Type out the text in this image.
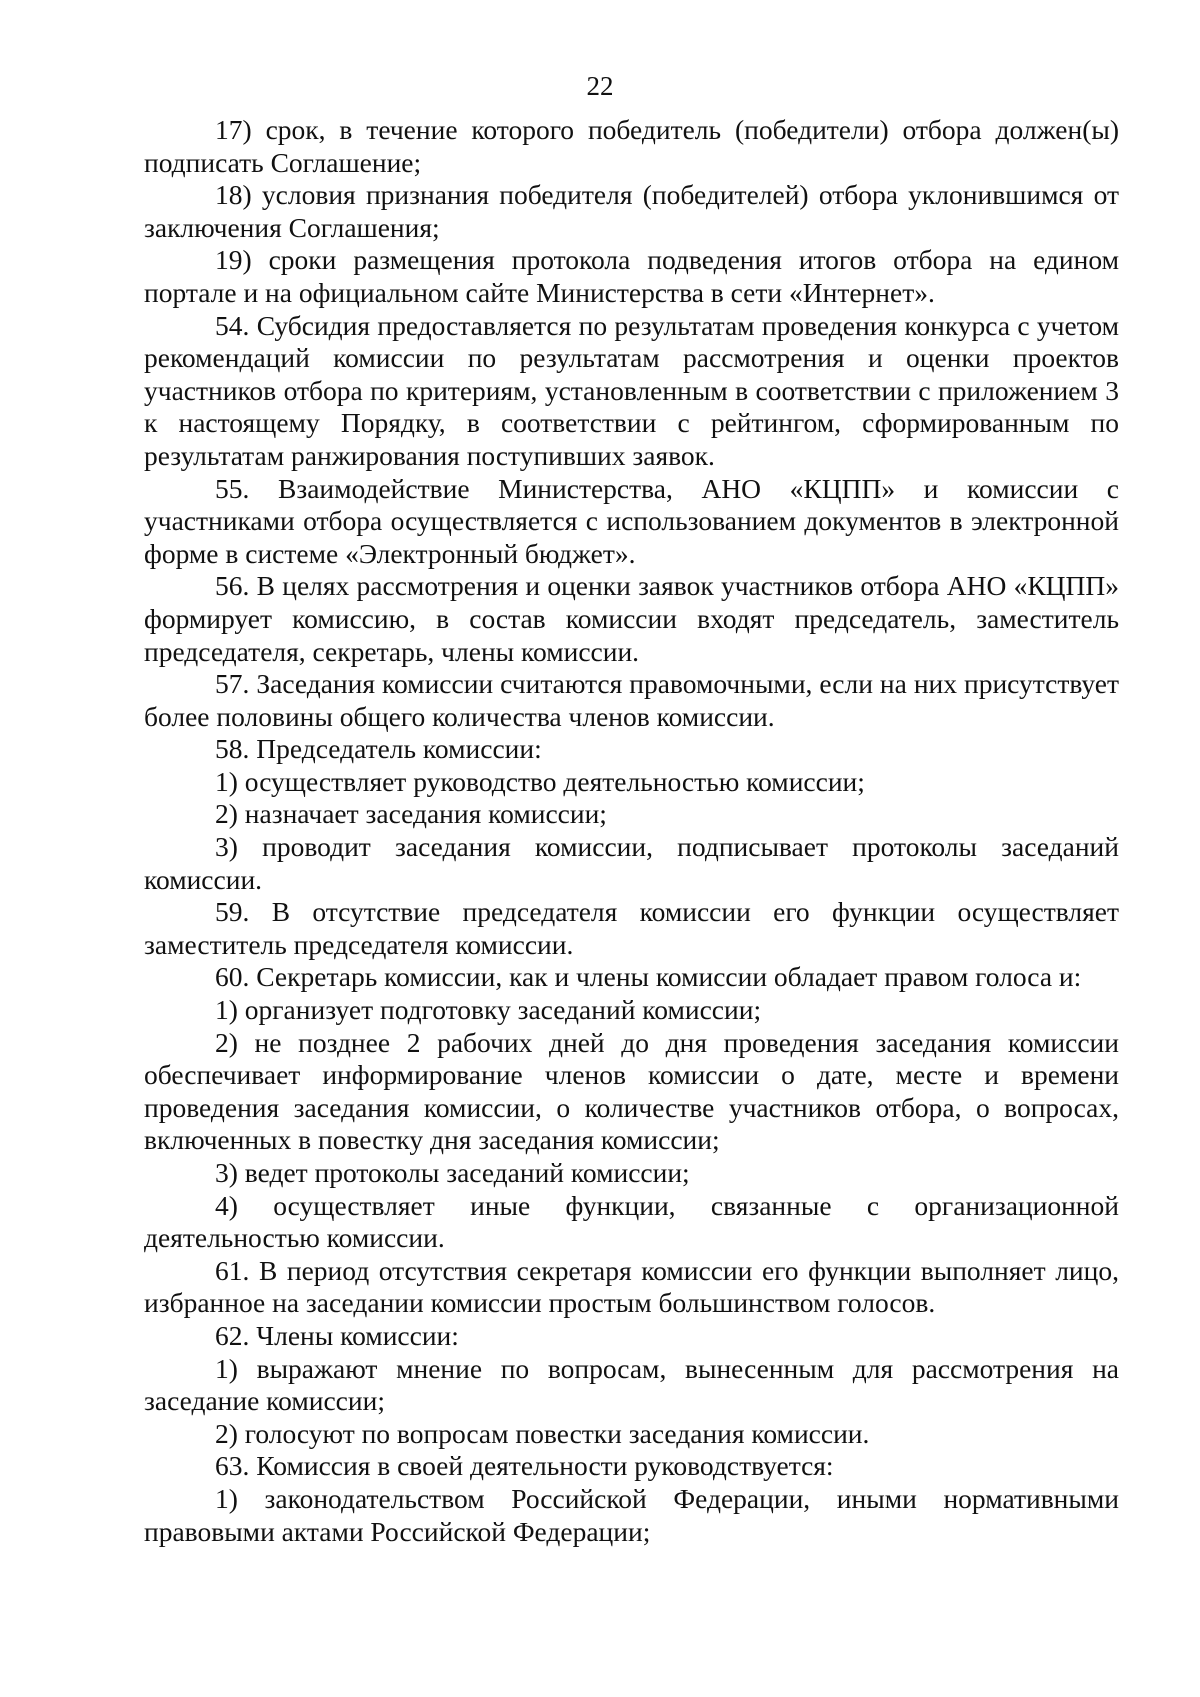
22

17) срок, в течение которого победитель (победители) отбора должен(ы) подписать Соглашение;

18) условия признания победителя (победителей) отбора уклонившимся от заключения Соглашения;

19) сроки размещения протокола подведения итогов отбора на едином портале и на официальном сайте Министерства в сети «Интернет».

54. Субсидия предоставляется по результатам проведения конкурса с учетом рекомендаций комиссии по результатам рассмотрения и оценки проектов участников отбора по критериям, установленным в соответствии с приложением 3 к настоящему Порядку, в соответствии с рейтингом, сформированным по результатам ранжирования поступивших заявок.

55. Взаимодействие Министерства, АНО «КЦПП» и комиссии с участниками отбора осуществляется с использованием документов в электронной форме в системе «Электронный бюджет».

56. В целях рассмотрения и оценки заявок участников отбора АНО «КЦПП» формирует комиссию, в состав комиссии входят председатель, заместитель председателя, секретарь, члены комиссии.

57. Заседания комиссии считаются правомочными, если на них присутствует более половины общего количества членов комиссии.

58. Председатель комиссии:

1) осуществляет руководство деятельностью комиссии;

2) назначает заседания комиссии;

3) проводит заседания комиссии, подписывает протоколы заседаний комиссии.

59. В отсутствие председателя комиссии его функции осуществляет заместитель председателя комиссии.

60. Секретарь комиссии, как и члены комиссии обладает правом голоса и:

1) организует подготовку заседаний комиссии;

2) не позднее 2 рабочих дней до дня проведения заседания комиссии обеспечивает информирование членов комиссии о дате, месте и времени проведения заседания комиссии, о количестве участников отбора, о вопросах, включенных в повестку дня заседания комиссии;

3) ведет протоколы заседаний комиссии;

4) осуществляет иные функции, связанные с организационной деятельностью комиссии.

61. В период отсутствия секретаря комиссии его функции выполняет лицо, избранное на заседании комиссии простым большинством голосов.

62. Члены комиссии:

1) выражают мнение по вопросам, вынесенным для рассмотрения на заседание комиссии;

2) голосуют по вопросам повестки заседания комиссии.

63. Комиссия в своей деятельности руководствуется:

1) законодательством Российской Федерации, иными нормативными правовыми актами Российской Федерации;
